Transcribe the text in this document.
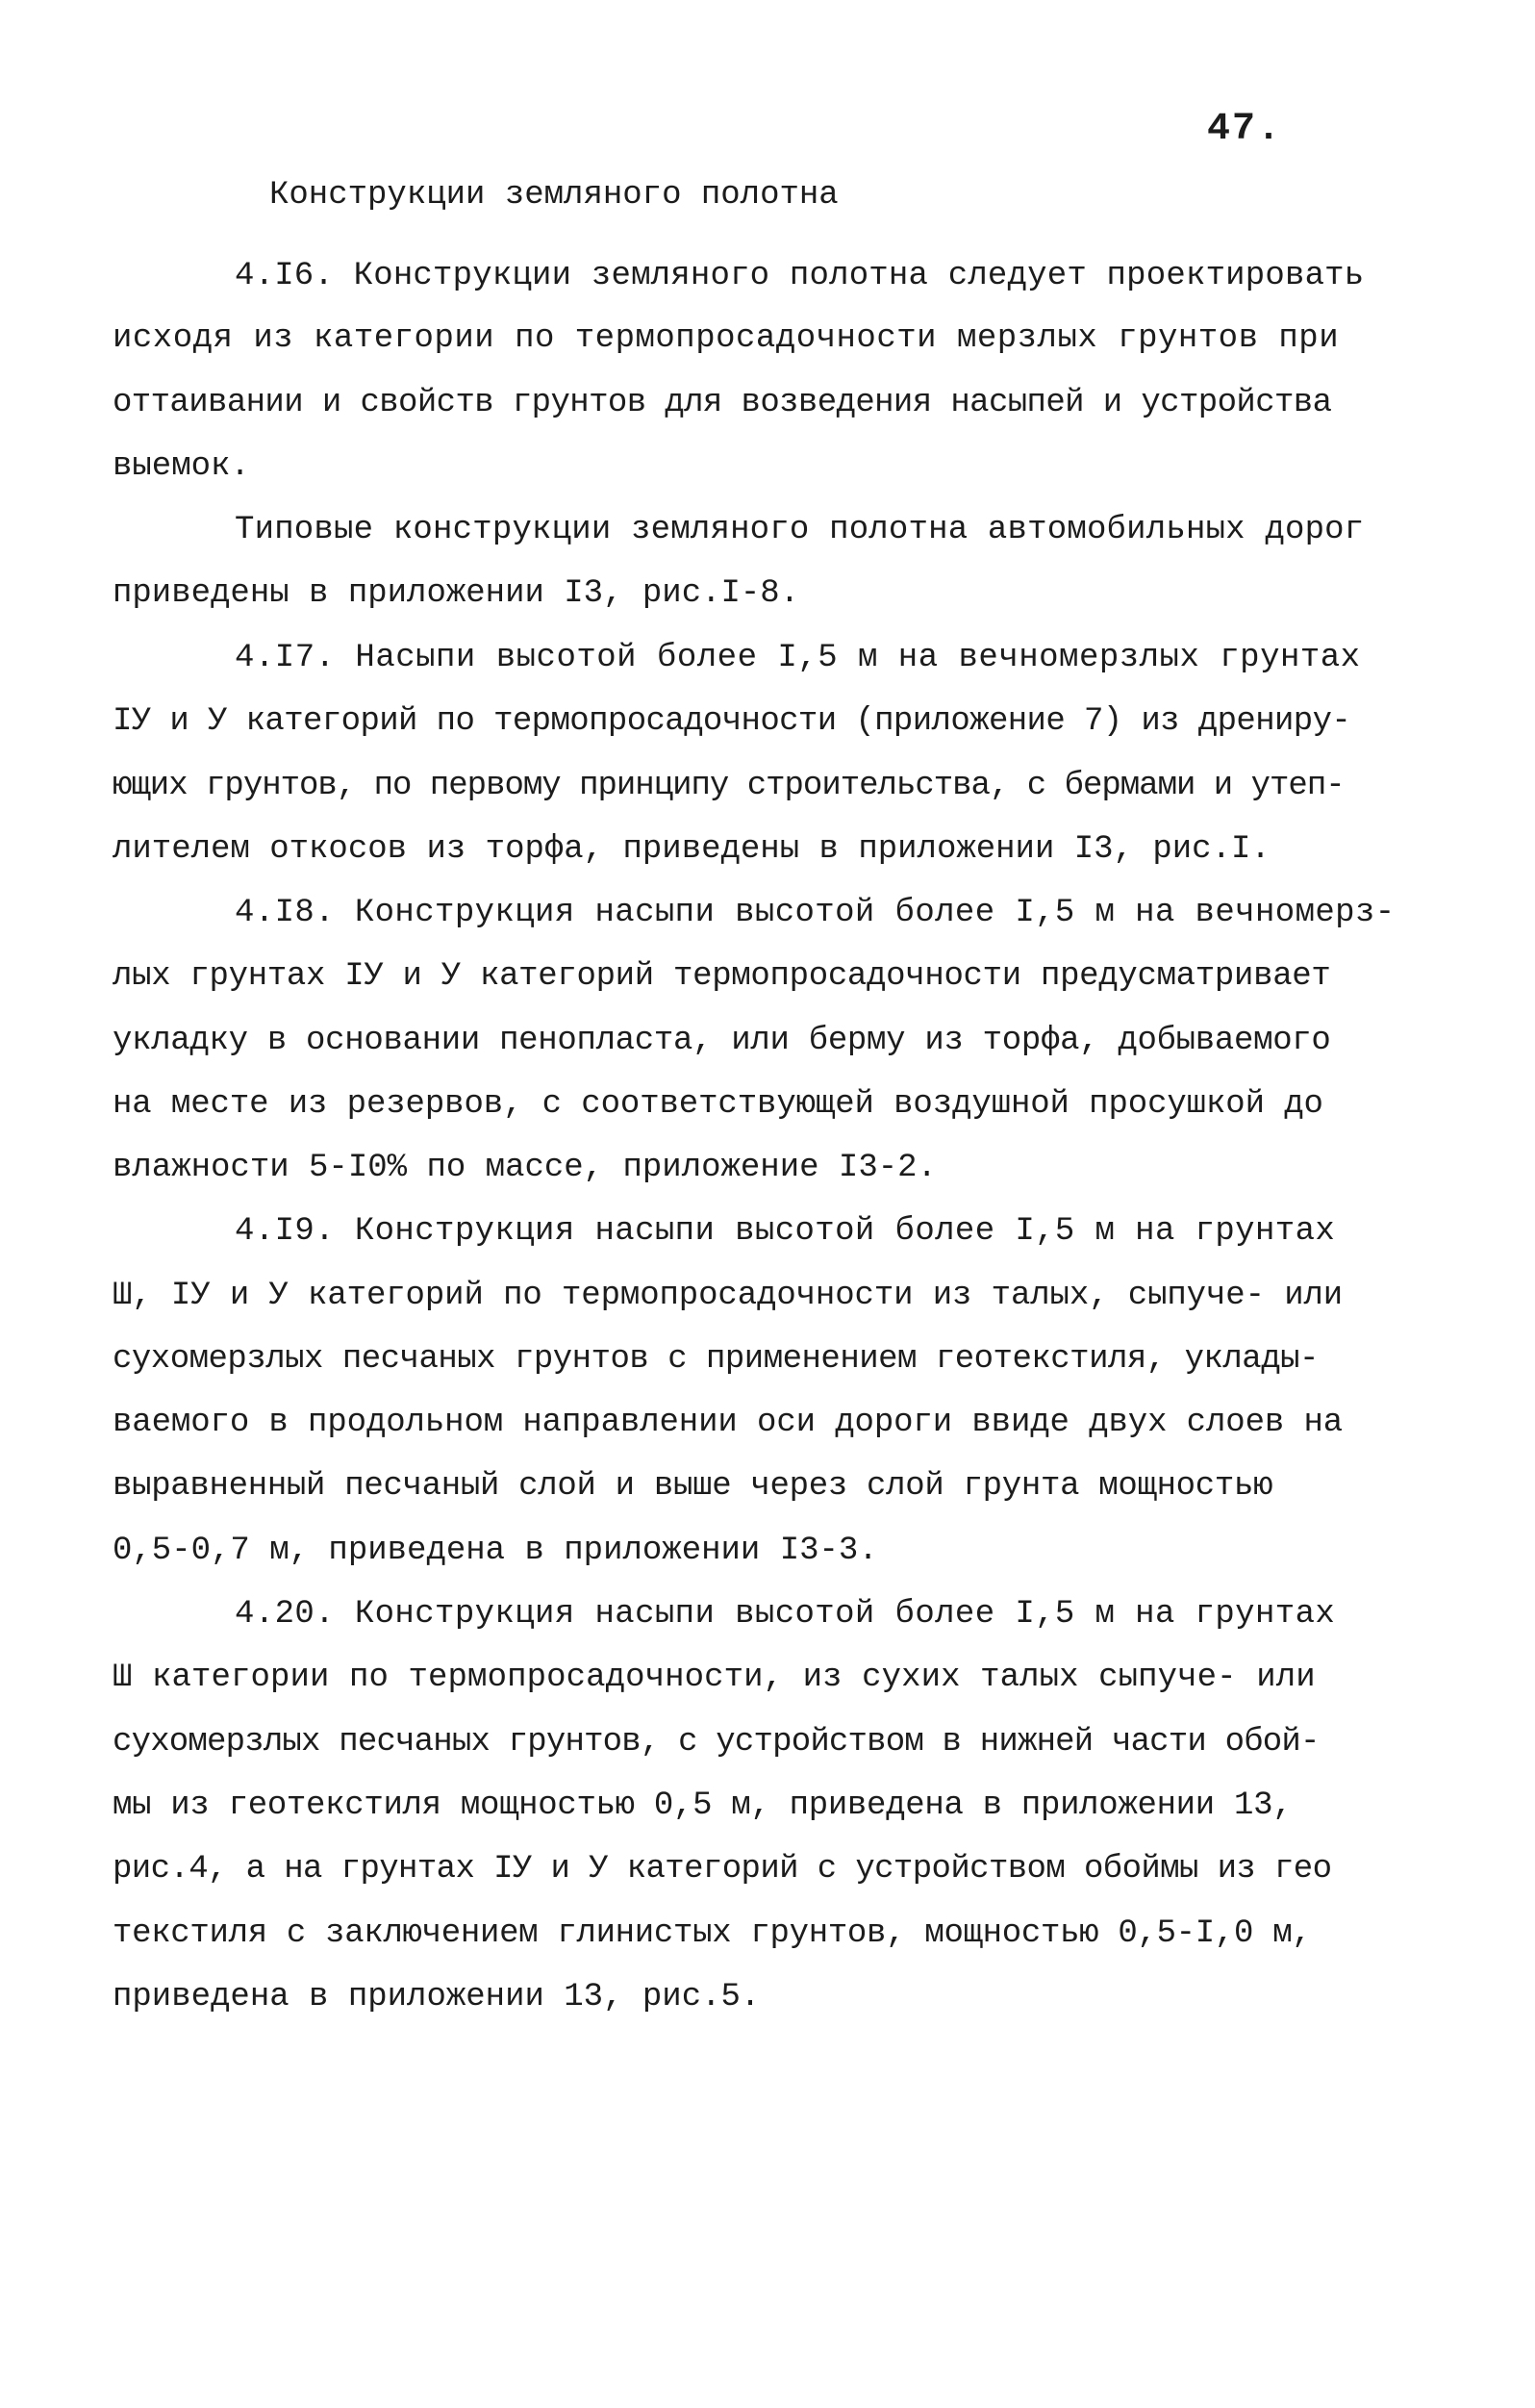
47.
Конструкции земляного полотна
4.I6. Конструкции земляного полотна следует проектировать
исходя из категории по термопросадочности мерзлых грунтов при
оттаивании и свойств грунтов для возведения насыпей и устройства
выемок.
Типовые конструкции земляного полотна автомобильных дорог
приведены в приложении I3, рис.I-8.
4.I7. Насыпи высотой более I,5 м на вечномерзлых грунтах
IУ и У категорий по термопросадочности (приложение 7) из дрениру-
ющих грунтов, по первому принципу строительства, с бермами и утеп-
лителем откосов из торфа, приведены в приложении I3, рис.I.
4.I8. Конструкция насыпи высотой более I,5 м на вечномерз-
лых грунтах IУ и У категорий термопросадочности предусматривает
укладку в основании пенопласта, или берму из торфа, добываемого
на месте из резервов, с соответствующей воздушной просушкой до
влажности 5-I0% по массе, приложение I3-2.
4.I9. Конструкция насыпи высотой более I,5 м на грунтах
Ш, IУ и У категорий по термопросадочности из талых, сыпуче- или
сухомерзлых песчаных грунтов с применением геотекстиля, уклады-
ваемого в продольном направлении оси дороги ввиде двух слоев на
выравненный песчаный слой и выше через слой грунта мощностью
0,5-0,7 м, приведена в приложении I3-3.
4.20. Конструкция насыпи высотой более I,5 м на грунтах
Ш категории по термопросадочности, из сухих талых сыпуче- или
сухомерзлых песчаных грунтов, с устройством в нижней части обой-
мы из геотекстиля мощностью 0,5 м, приведена в приложении 13,
рис.4, а на грунтах IУ и У категорий с устройством обоймы из гео
текстиля с заключением глинистых грунтов, мощностью 0,5-I,0 м,
приведена в приложении 13, рис.5.
